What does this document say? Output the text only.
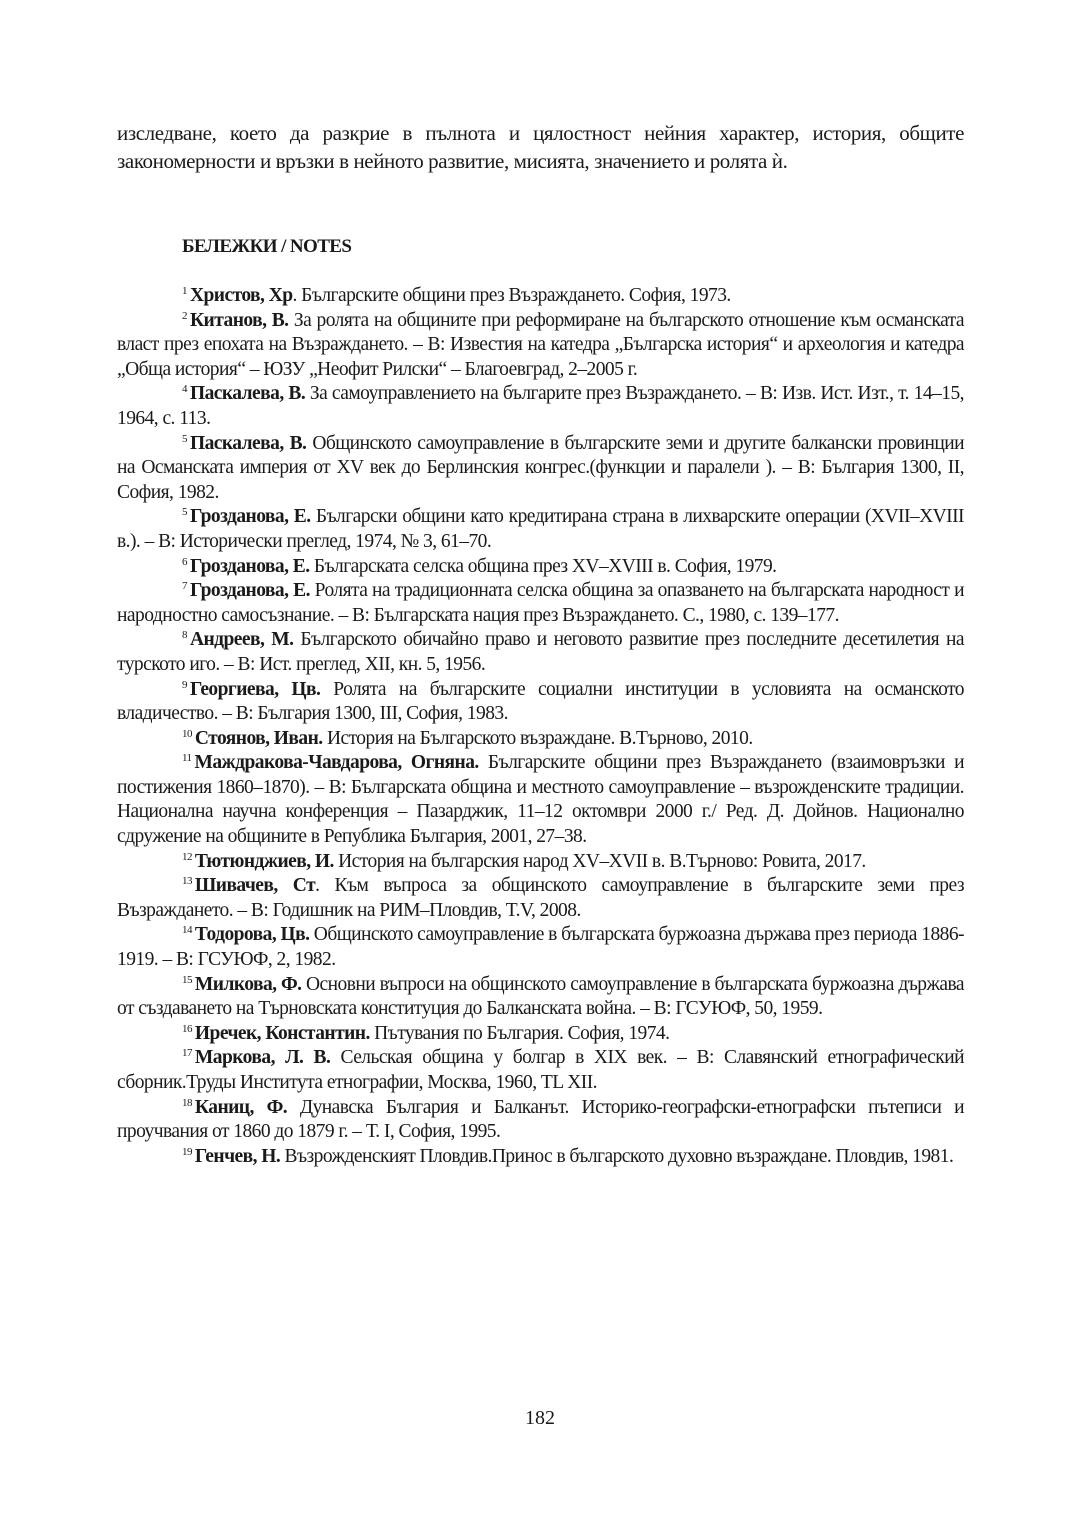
изследване, което да разкрие в пълнота и цялостност нейния характер, история, общите закономерности и връзки в нейното развитие, мисията, значението и ролята ѝ.
БЕЛЕЖКИ / NOTES

$^1$ Христов, Хр. Българските общини през Възраждането. София, 1973.

$^2$ Китанов, В. За ролята на общините при реформиране на българското отношение към османската власт през епохата на Възраждането. – В: Известия на катедра „Българска история“ и археология и катедра „Обща история“ – ЮЗУ „Неофит Рилски“ – Благоевград, 2–2005 г.

$^4$ Паскалева, В. За самоуправлението на българите през Възраждането. – В: Изв. Ист. Изт., т. 14–15, 1964, с. 113.

$^5$ Паскалева, В. Общинското самоуправление в българските земи и другите балкански провинции на Османската империя от XV век до Берлинския конгрес.(функции и паралели ). – В: България 1300, II, София, 1982.

$^5$ Грозданова, Е. Български общини като кредитирана страна в лихварските операции (XVII–XVIII в.). – В: Исторически преглед, 1974, № 3, 61–70.

$^6$ Грозданова, Е. Българската селска община през XV–XVIII в. София, 1979.

$^7$ Грозданова, Е. Ролята на традиционната селска община за опазването на българската народност и народностно самосъзнание. – В: Българската нация през Възраждането. С., 1980, с. 139–177.

$^8$ Андреев, М. Българското обичайно право и неговото развитие през последните десетилетия на турското иго. – В: Ист. преглед, XII, кн. 5, 1956.

$^9$ Георгиева, Цв. Ролята на българските социални институции в условията на османското владичество. – В: България 1300, III, София, 1983.

$^{10}$ Стоянов, Иван. История на Българското възраждане. В.Търново, 2010.

$^{11}$ Маждракова-Чавдарова, Огняна. Българските общини през Възраждането (взаимовръзки и постижения 1860–1870). – В: Българската община и местното самоуправление – възрожденските традиции. Национална научна конференция – Пазарджик, 11–12 октомври 2000 г./ Ред. Д. Дойнов. Национално сдружение на общините в Република България, 2001, 27–38.

$^{12}$ Тютюнджиев, И. История на българския народ XV–XVII в. В.Търново: Ровита, 2017.

$^{13}$ Шивачев, Ст. Към въпроса за общинското самоуправление в българските земи през Възраждането. – В: Годишник на РИМ–Пловдив, T.V, 2008.

$^{14}$ Тодорова, Цв. Общинското самоуправление в българската буржоазна държава през периода 1886-1919. – В: ГСУЮФ, 2, 1982.

$^{15}$ Милкова, Ф. Основни въпроси на общинското самоуправление в българската буржоазна държава от създаването на Търновската конституция до Балканската война. – В: ГСУЮФ, 50, 1959.

$^{16}$ Иречек, Константин. Пътувания по България. София, 1974.

$^{17}$ Маркова, Л. В. Сельская община у болгар в XIX век. – В: Славянский етнографический сборник.Труды Института етнографии, Москва, 1960, TL XII.

$^{18}$ Каниц, Ф. Дунавска България и Балканът. Историко-географски-етнографски пътеписи и проучвания от 1860 до 1879 г. – Т. I, София, 1995.

$^{19}$ Генчев, Н. Възрожденският Пловдив.Принос в българското духовно възраждане. Пловдив, 1981.

182
